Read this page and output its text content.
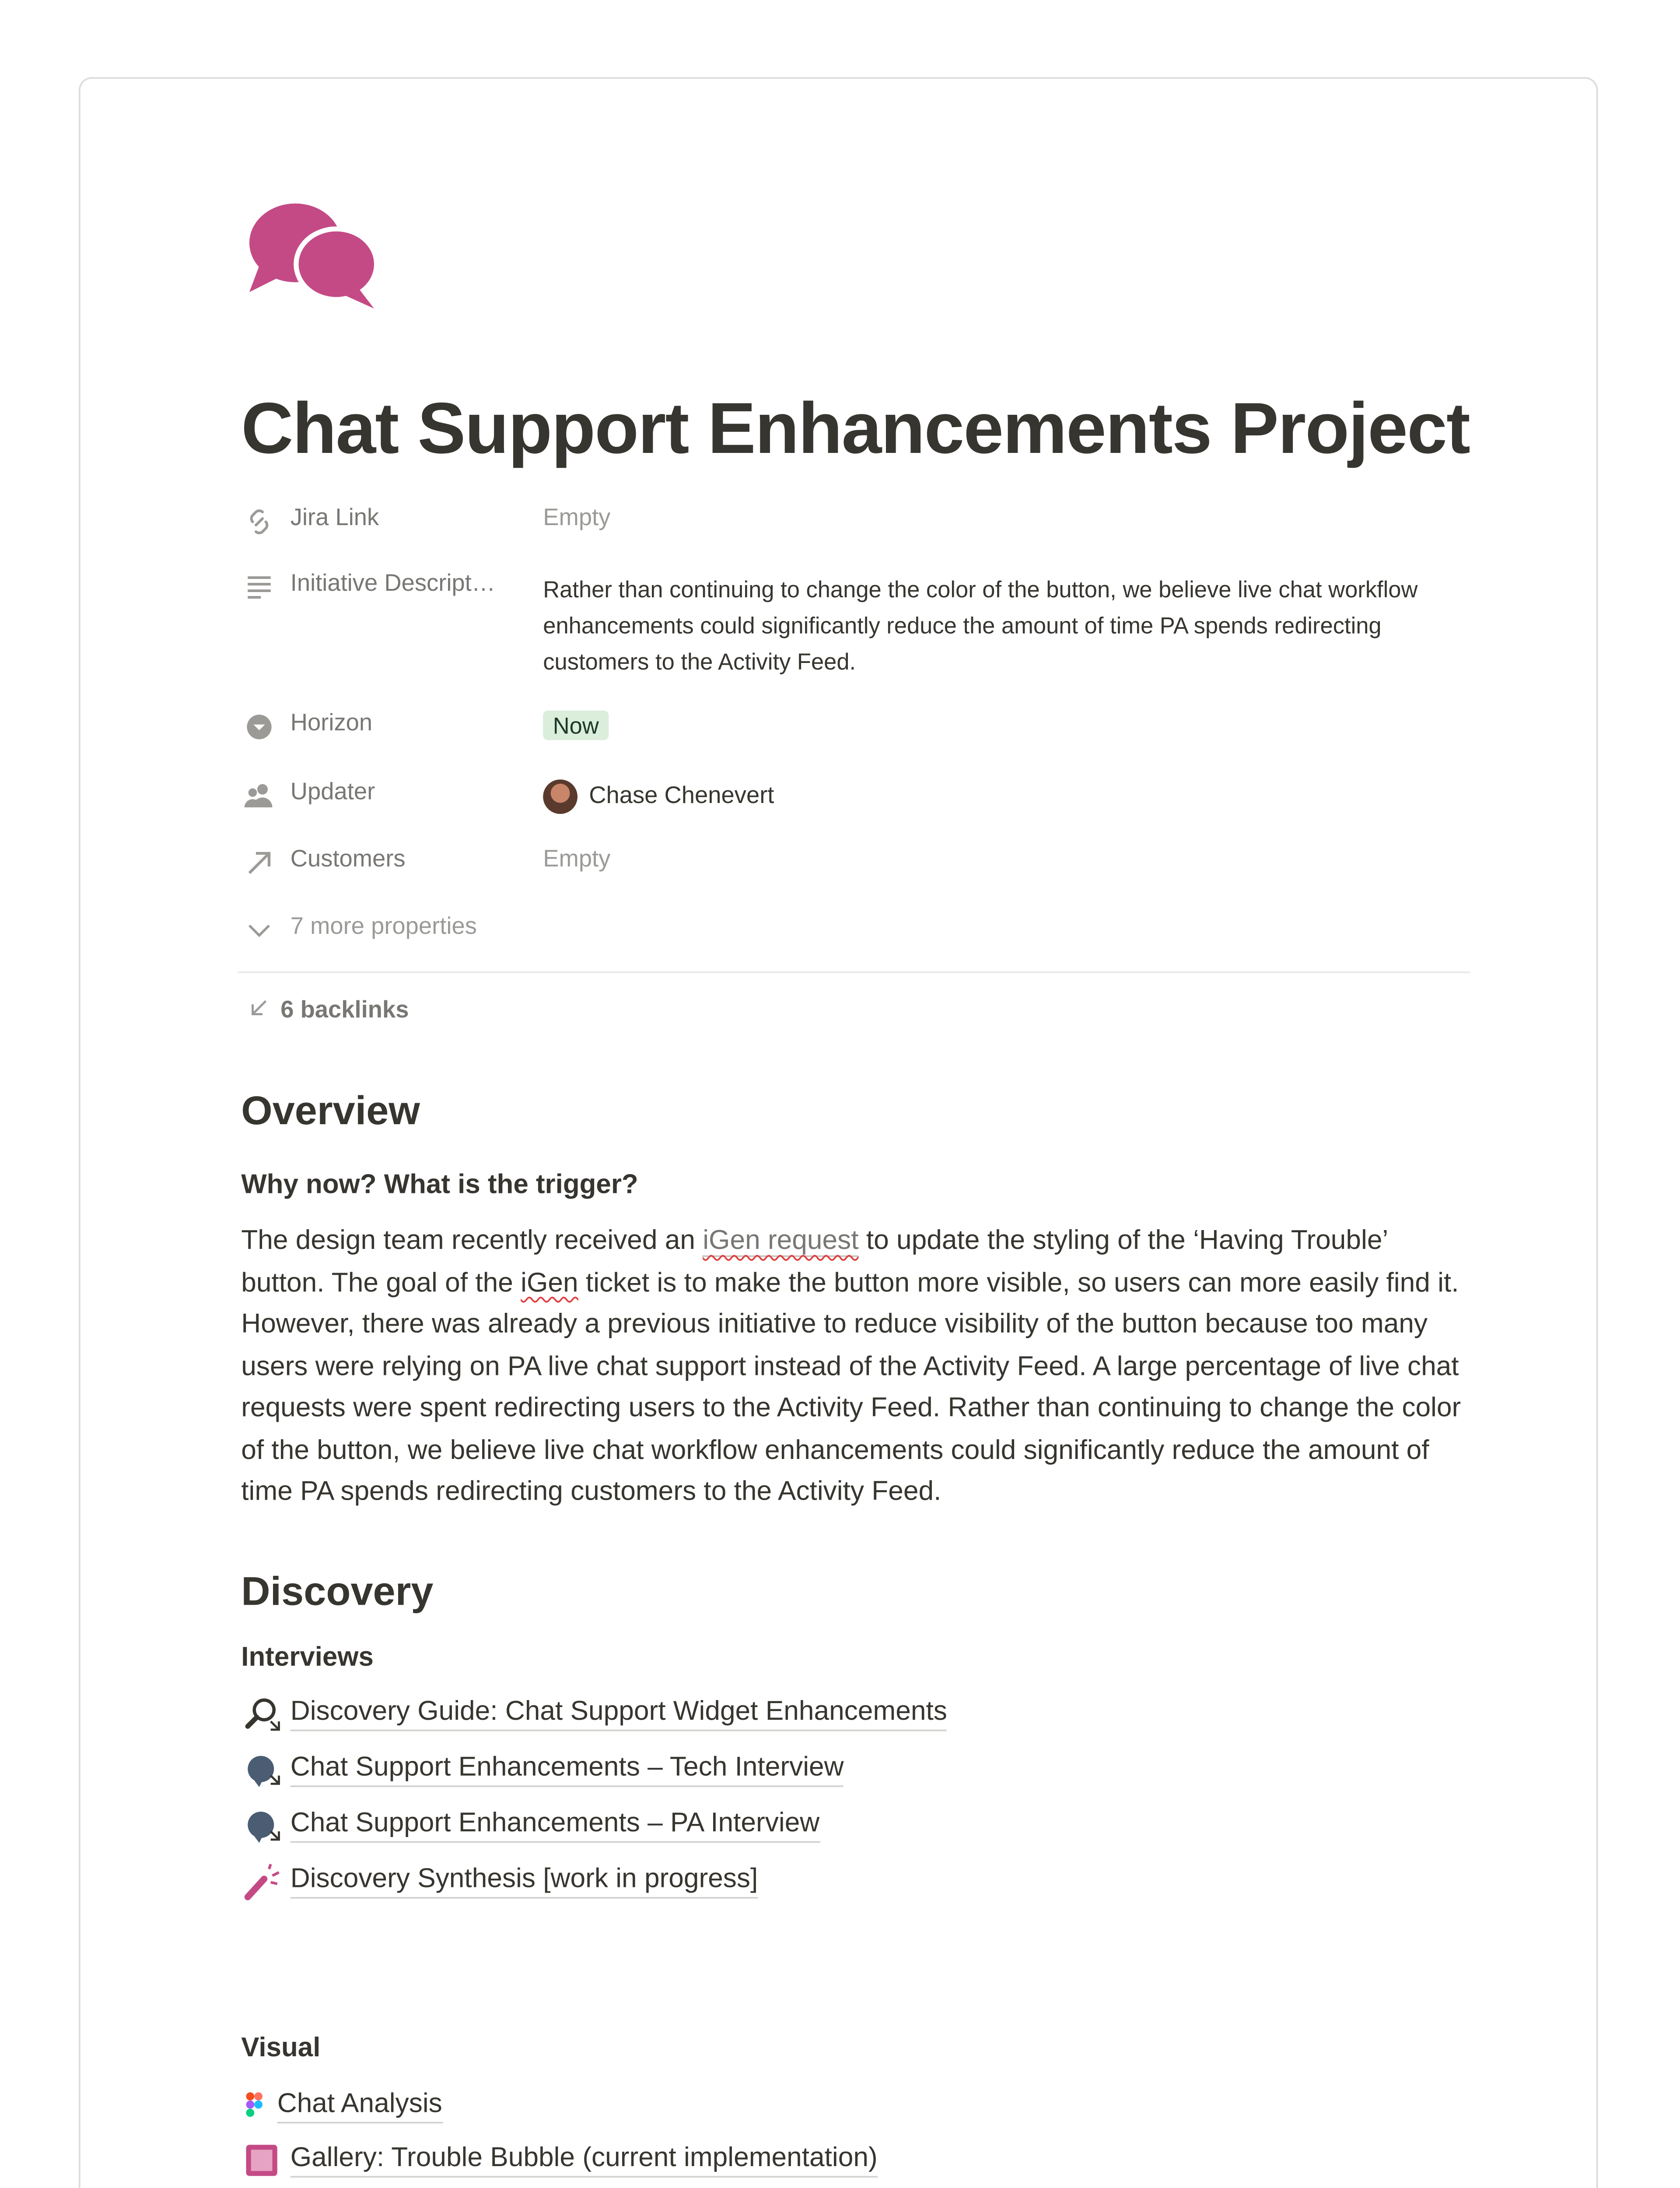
Chat Support Enhancements Project
Jira Link	Empty
Initiative Descript…	Rather than continuing to change the color of the button, we believe live chat workflow enhancements could significantly reduce the amount of time PA spends redirecting customers to the Activity Feed.
Horizon	Now
Updater	Chase Chenevert
Customers	Empty
7 more properties
6 backlinks
Overview
Why now? What is the trigger?

The design team recently received an iGen request to update the styling of the ‘Having Trouble’ button. The goal of the iGen ticket is to make the button more visible, so users can more easily find it. However, there was already a previous initiative to reduce visibility of the button because too many users were relying on PA live chat support instead of the Activity Feed. A large percentage of live chat requests were spent redirecting users to the Activity Feed. Rather than continuing to change the color of the button, we believe live chat workflow enhancements could significantly reduce the amount of time PA spends redirecting customers to the Activity Feed.

Discovery
Interviews
Discovery Guide: Chat Support Widget Enhancements
Chat Support Enhancements – Tech Interview
Chat Support Enhancements – PA Interview
Discovery Synthesis [work in progress]
Visual
Chat Analysis
Gallery: Trouble Bubble (current implementation)
